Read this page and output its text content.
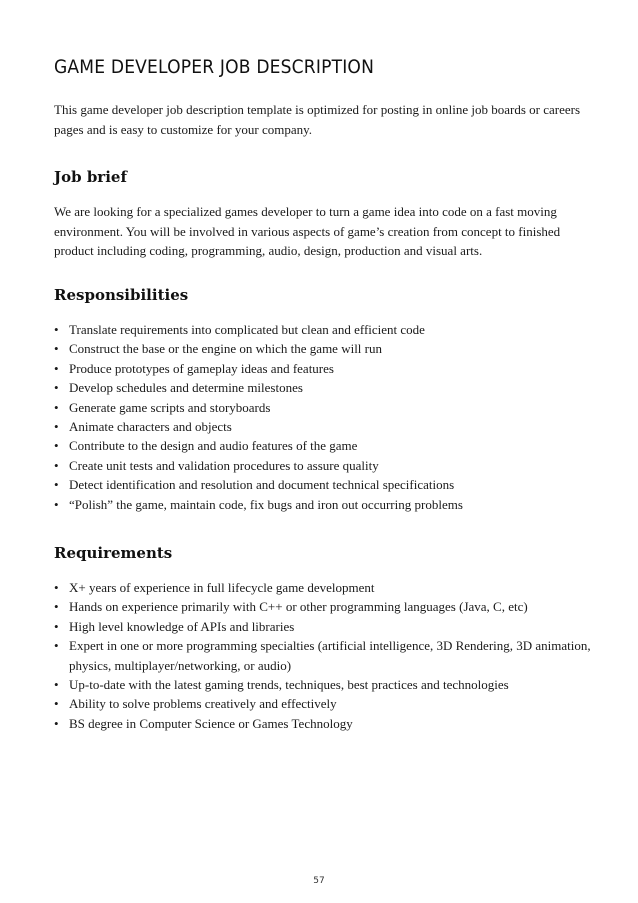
GAME DEVELOPER JOB DESCRIPTION

This game developer job description template is optimized for posting in online job boards or careers pages and is easy to customize for your company.

Job brief

We are looking for a specialized games developer to turn a game idea into code on a fast moving environment. You will be involved in various aspects of game’s creation from concept to finished product including coding, programming, audio, design, production and visual arts.

Responsibilities
• Translate requirements into complicated but clean and efficient code
• Construct the base or the engine on which the game will run
• Produce prototypes of gameplay ideas and features
• Develop schedules and determine milestones
• Generate game scripts and storyboards
• Animate characters and objects
• Contribute to the design and audio features of the game
• Create unit tests and validation procedures to assure quality
• Detect identification and resolution and document technical specifications
• “Polish” the game, maintain code, fix bugs and iron out occurring problems
Requirements
• X+ years of experience in full lifecycle game development
• Hands on experience primarily with C++ or other programming languages (Java, C, etc)
• High level knowledge of APIs and libraries
• Expert in one or more programming specialties (artificial intelligence, 3D Rendering, 3D animation, physics, multiplayer/networking, or audio)
• Up-to-date with the latest gaming trends, techniques, best practices and technologies
• Ability to solve problems creatively and effectively
• BS degree in Computer Science or Games Technology
57
